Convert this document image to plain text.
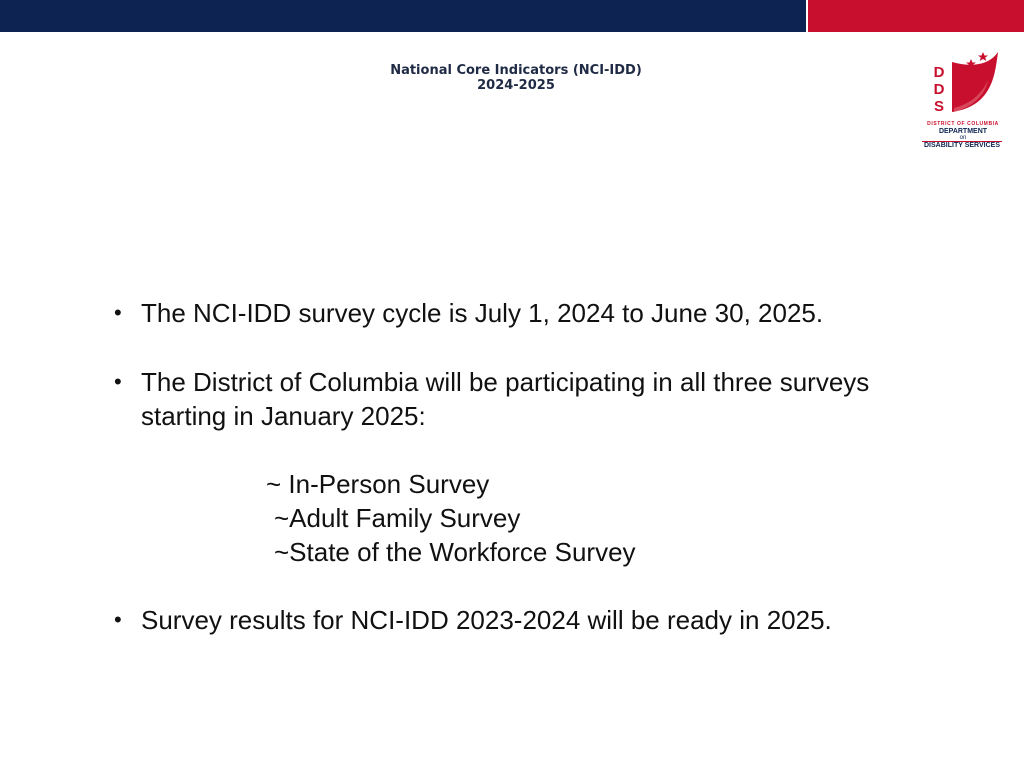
National Core Indicators (NCI-IDD)
2024-2025
D
D
S
DISTRICT OF COLUMBIA
DEPARTMENT
on
DISABILITY SERVICES
• The NCI-IDD survey cycle is July 1, 2024 to June 30, 2025.
• The District of Columbia will be participating in all three surveys starting in January 2025:
~ In-Person Survey
~Adult Family Survey
~State of the Workforce Survey
• Survey results for NCI-IDD 2023-2024 will be ready in 2025.
